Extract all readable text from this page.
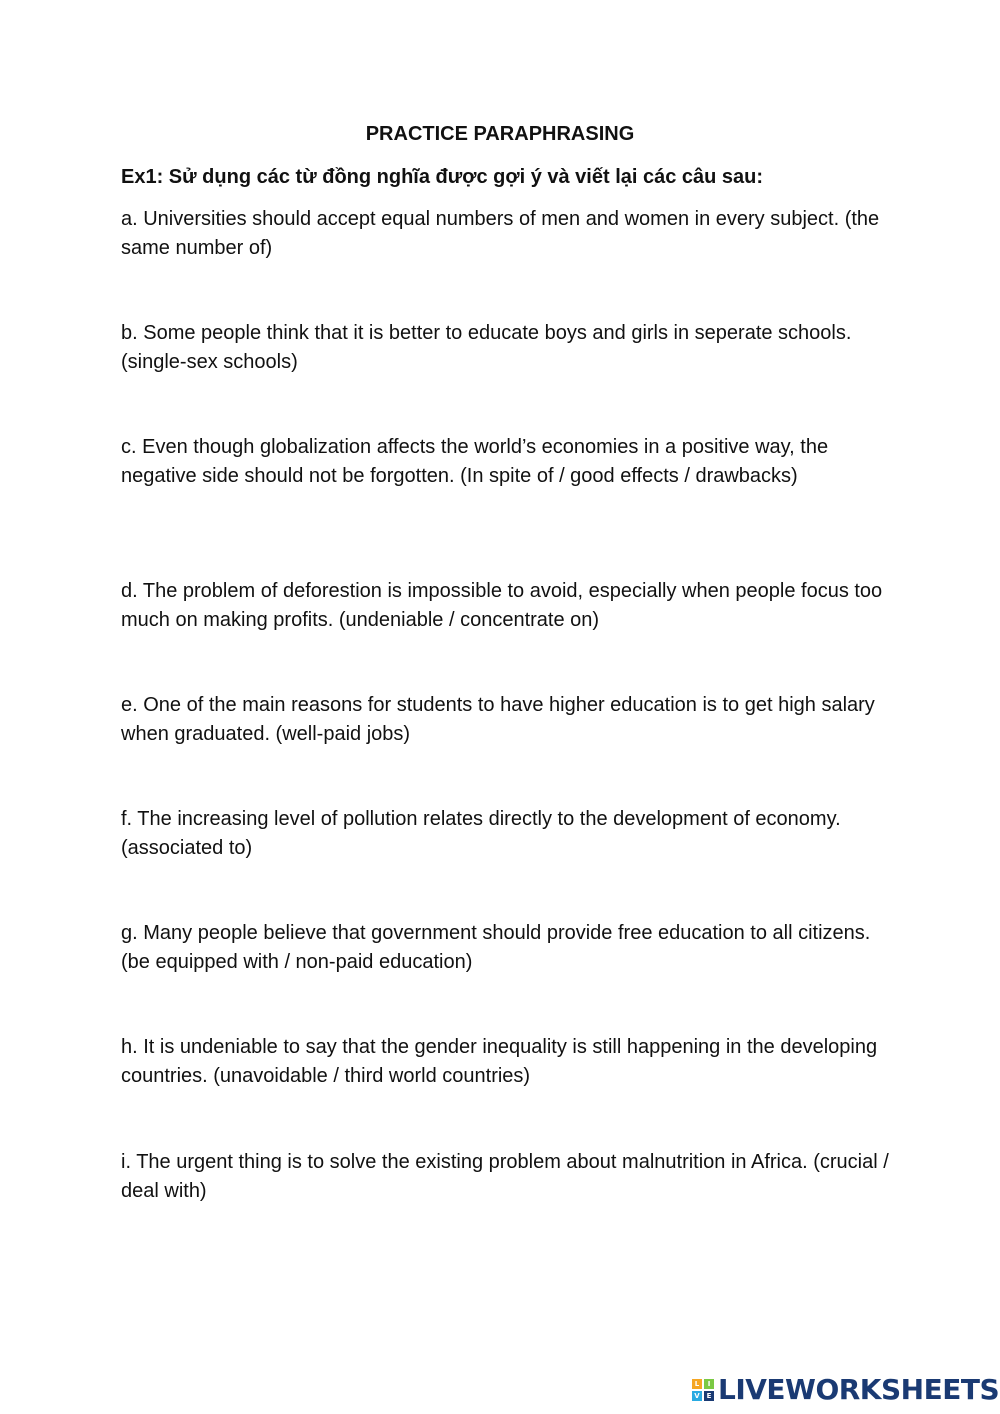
PRACTICE PARAPHRASING
Ex1: Sử dụng các từ đồng nghĩa được gợi ý và viết lại các câu sau:

a. Universities should accept equal numbers of men and women in every subject. (the same number of)

b. Some people think that it is better to educate boys and girls in seperate schools. (single-sex schools)

c. Even though globalization affects the world’s economies in a positive way, the negative side should not be forgotten. (In spite of / good effects / drawbacks)

d. The problem of deforestion is impossible to avoid, especially when people focus too much on making profits. (undeniable / concentrate on)

e. One of the main reasons for students to have higher education is to get high salary when graduated. (well-paid jobs)

f. The increasing level of pollution relates directly to the development of economy. (associated to)

g. Many people believe that government should provide free education to all citizens. (be equipped with / non-paid education)

h. It is undeniable to say that the gender inequality is still happening in the developing countries. (unavoidable / third world countries)

i. The urgent thing is to solve the existing problem about malnutrition in Africa. (crucial / deal with)

L	I
V E LIVEWORKSHEETS
